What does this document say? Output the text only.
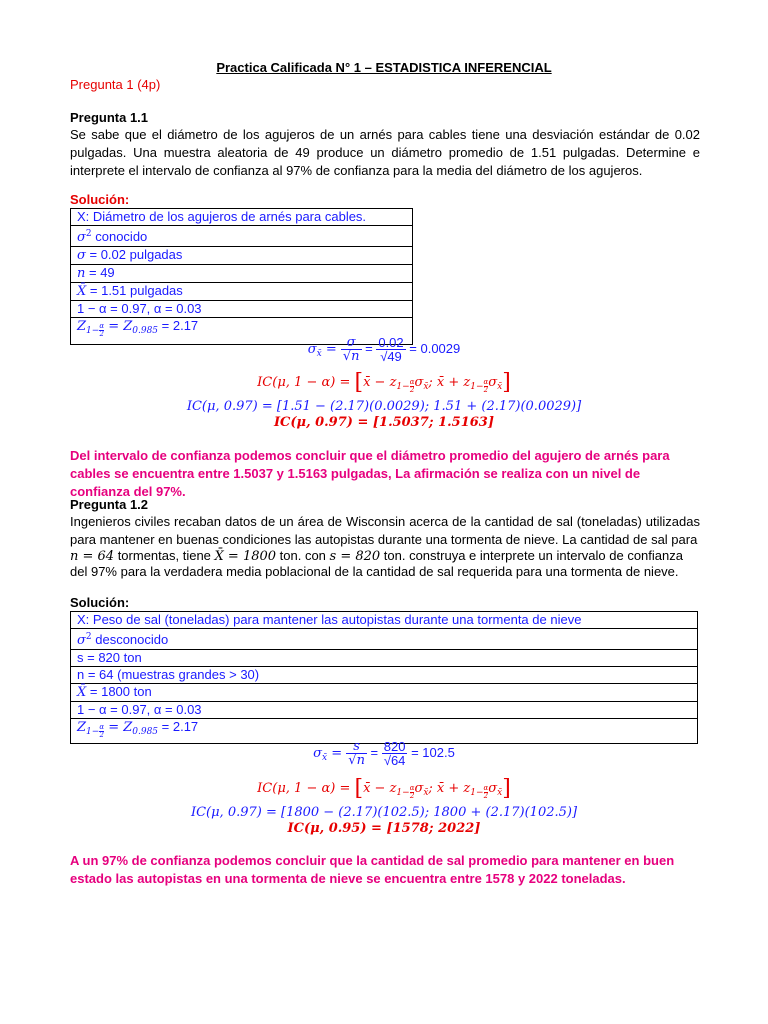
Practica Calificada N° 1 – ESTADISTICA INFERENCIAL
Pregunta 1 (4p)
Pregunta 1.1
Se sabe que el diámetro de los agujeros de un arnés para cables tiene una desviación estándar de 0.02 pulgadas. Una muestra aleatoria de 49 produce un diámetro promedio de 1.51 pulgadas. Determine e interprete el intervalo de confianza al 97% de confianza para la media del diámetro de los agujeros.
Solución:
X: Diámetro de los agujeros de arnés para cables.
$\sigma^2$ conocido
σ = 0.02 pulgadas
n = 49
X̄ = 1.51 pulgadas
1 − α = 0.97, α = 0.03
$Z_{1- \frac{\alpha}{2}} = Z_{0.985} = 2.17$
$\sigma_{x̄} = \frac{\sigma}{√n} = \frac{0.02}{√49} = 0.0029$
IC(μ, 1 − α) = [x̄ − $z_{1- \frac{\alpha}{2}}$ $\sigma_{x̄}$; x̄ + $z_{1- \frac{\alpha}{2}}$ $\sigma_{x̄}$]
IC(μ, 0.97) = [1.51 − (2.17)(0.0029); 1.51 + (2.17)(0.0029)]
IC(μ, 0.97) = [1.5037; 1.5163]
Del intervalo de confianza podemos concluir que el diámetro promedio del agujero de arnés para cables se encuentra entre 1.5037 y 1.5163 pulgadas, La afirmación se realiza con un nivel de confianza del 97%.
Pregunta 1.2
Ingenieros civiles recaban datos de un área de Wisconsin acerca de la cantidad de sal (toneladas) utilizadas para mantener en buenas condiciones las autopistas durante una tormenta de nieve. La cantidad de sal para
n = 64 tormentas, tiene X̄ = 1800 ton. con s = 820 ton. construya e interprete un intervalo de confianza
del 97% para la verdadera media poblacional de la cantidad de sal requerida para una tormenta de nieve.
Solución:
X: Peso de sal (toneladas) para mantener las autopistas durante una tormenta de nieve
$\sigma^2$ desconocido
s = 820 ton
n = 64 (muestras grandes > 30)
X̄ = 1800 ton
1 − α = 0.97, α = 0.03
$Z_{1- \frac{\alpha}{2}} = Z_{0.985} = 2.17$
$\sigma_{x̄} = \frac{s}{√n} = \frac{820}{√64} = 102.5$
IC(μ, 1 − α) = [x̄ − $z_{1- \frac{\alpha}{2}}$ $\sigma_{x̄}$; x̄ + $z_{1- \frac{\alpha}{2}}$ $\sigma_{x̄}$]
IC(μ, 0.97) = [1800 − (2.17)(102.5); 1800 + (2.17)(102.5)]
IC(μ, 0.95) = [1578; 2022]
A un 97% de confianza podemos concluir que la cantidad de sal promedio para mantener en buen estado las autopistas en una tormenta de nieve se encuentra entre 1578 y 2022 toneladas.
